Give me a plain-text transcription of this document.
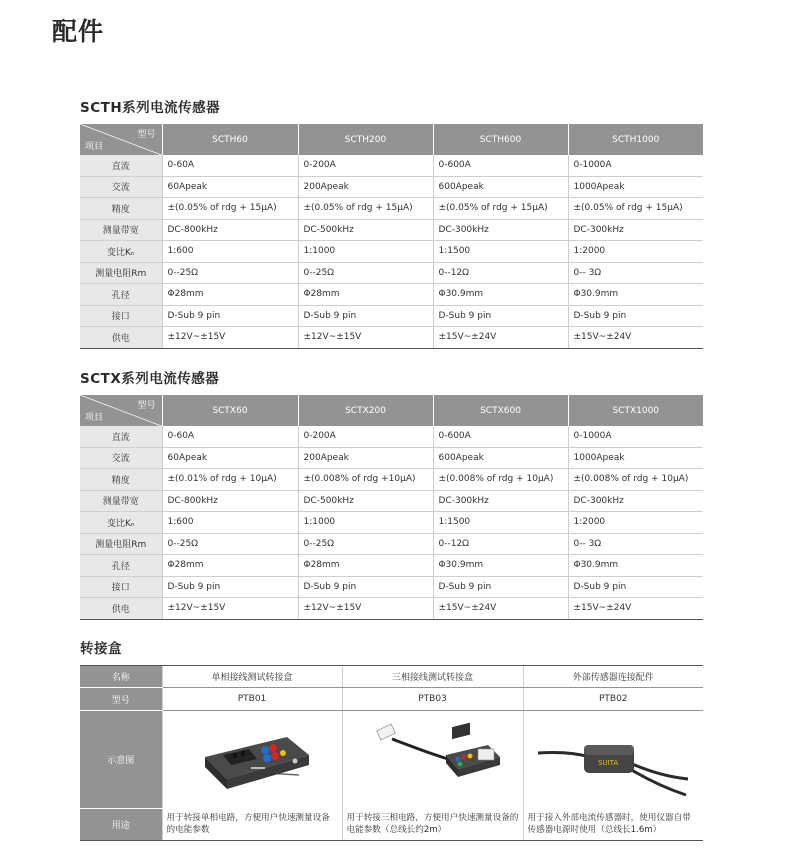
配件
SCTH系列电流传感器
型号
项目	SCTH60	SCTH200	SCTH600	SCTH1000
直流	0-60A	0-200A	0-600A	0-1000A
交流	60Apeak	200Apeak	600Apeak	1000Apeak
精度	±(0.05% of rdg + 15μA)	±(0.05% of rdg + 15μA)	±(0.05% of rdg + 15μA)	±(0.05% of rdg + 15μA)
测量带宽	DC-800kHz	DC-500kHz	DC-300kHz	DC-300kHz
变比Kₙ	1:600	1:1000	1:1500	1:2000
测量电阻Rm	0--25Ω	0--25Ω	0--12Ω	0-- 3Ω
孔径	Φ28mm	Φ28mm	Φ30.9mm	Φ30.9mm
接口	D-Sub 9 pin	D-Sub 9 pin	D-Sub 9 pin	D-Sub 9 pin
供电	±12V~±15V	±12V~±15V	±15V~±24V	±15V~±24V
SCTX系列电流传感器
型号
项目	SCTX60	SCTX200	SCTX600	SCTX1000
直流	0-60A	0-200A	0-600A	0-1000A
交流	60Apeak	200Apeak	600Apeak	1000Apeak
精度	±(0.01% of rdg + 10μA)	±(0.008% of rdg +10μA)	±(0.008% of rdg + 10μA)	±(0.008% of rdg + 10μA)
测量带宽	DC-800kHz	DC-500kHz	DC-300kHz	DC-300kHz
变比Kₙ	1:600	1:1000	1:1500	1:2000
测量电阻Rm	0--25Ω	0--25Ω	0--12Ω	0-- 3Ω
孔径	Φ28mm	Φ28mm	Φ30.9mm	Φ30.9mm
接口	D-Sub 9 pin	D-Sub 9 pin	D-Sub 9 pin	D-Sub 9 pin
供电	±12V~±15V	±12V~±15V	±15V~±24V	±15V~±24V
转接盒
名称	单相接线测试转接盒	三相接线测试转接盒	外部传感器连接配件
型号	PTB01	PTB03	PTB02
示意图			SUITA

用途	用于转接单相电路，方便用户快速测量设备的电能参数	用于转接三相电路，方便用户快速测量设备的电能参数（总线长约2m）	用于接入外部电流传感器时，使用仪器自带传感器电源时使用（总线长1.6m）
